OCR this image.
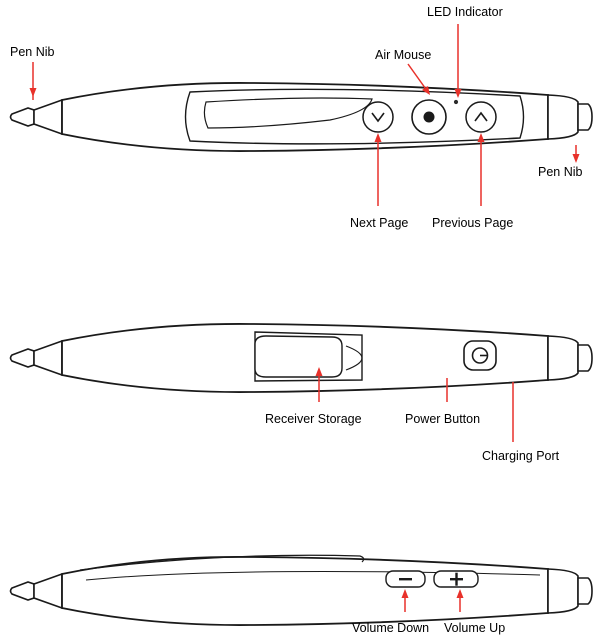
Pen Nib	Air Mouse
LED Indicator
Pen Nib
Next Page Previous Page
Receiver Storage	Power Button
Charging Port
Volume Down Volume Up
